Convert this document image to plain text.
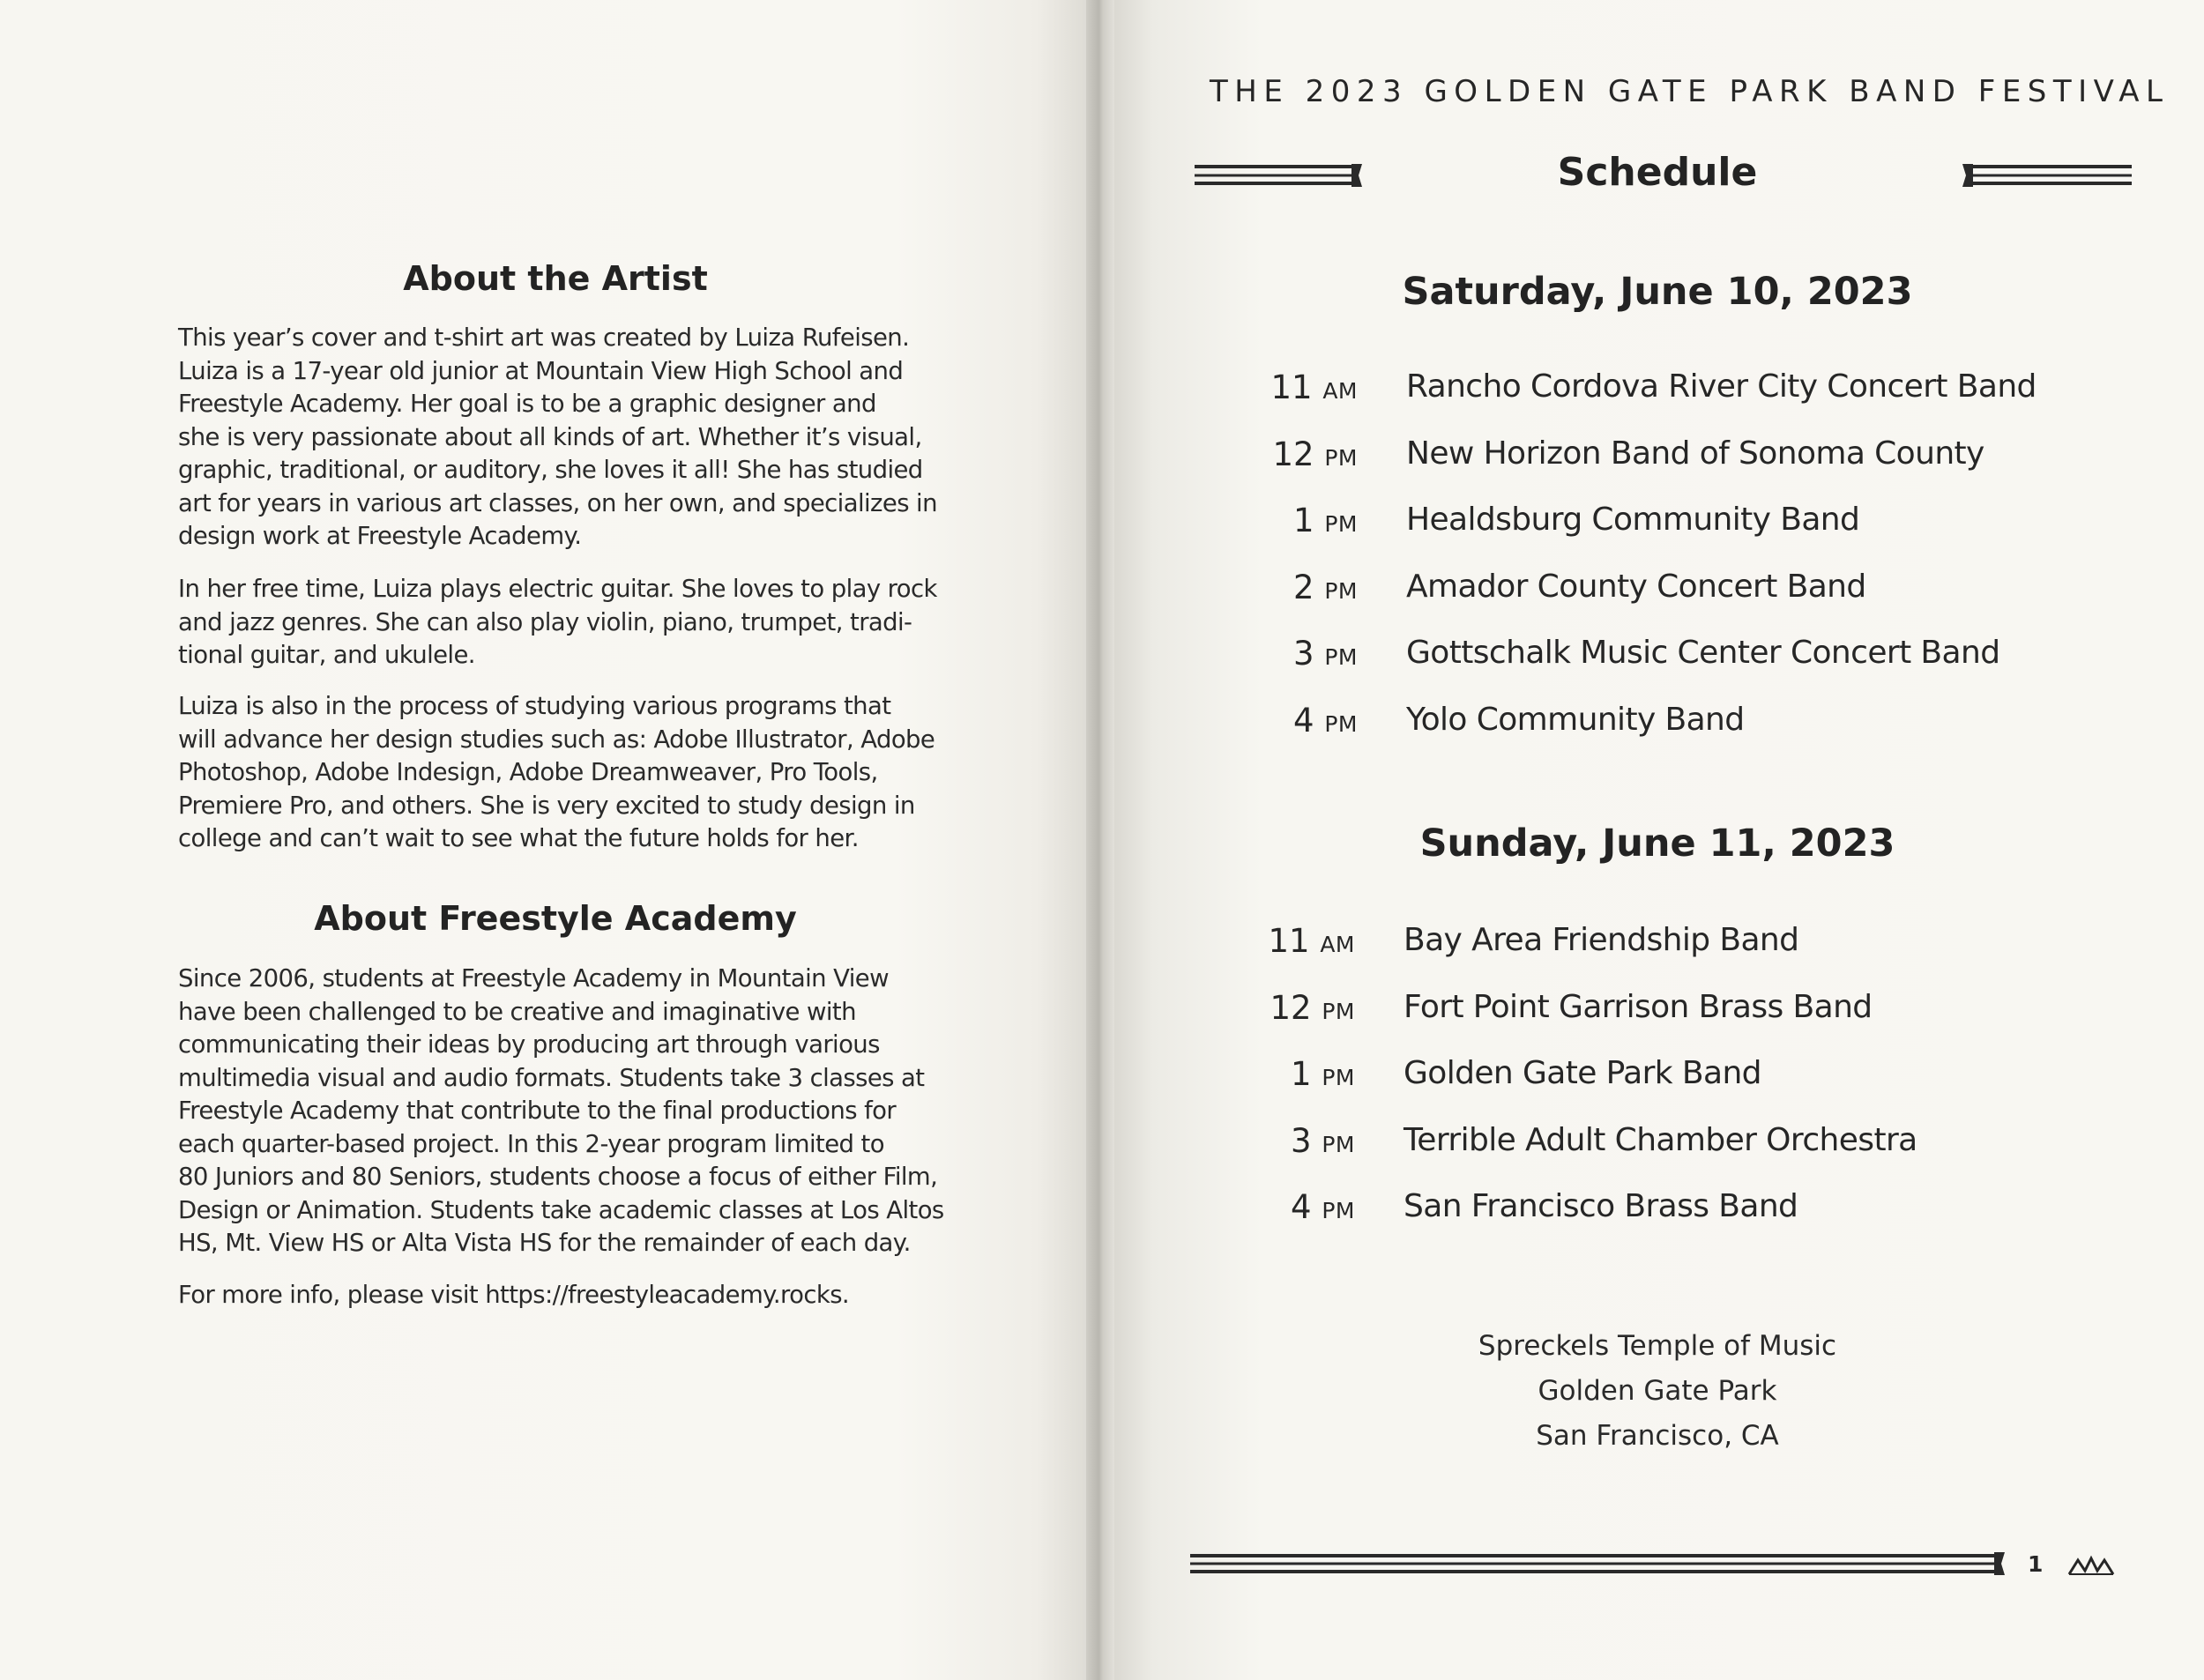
About the Artist
This year’s cover and t-shirt art was created by Luiza Rufeisen.
Luiza is a 17-year old junior at Mountain View High School and
Freestyle Academy. Her goal is to be a graphic designer and
she is very passionate about all kinds of art. Whether it’s visual,
graphic, traditional, or auditory, she loves it all! She has studied
art for years in various art classes, on her own, and specializes in
design work at Freestyle Academy.
In her free time, Luiza plays electric guitar. She loves to play rock
and jazz genres. She can also play violin, piano, trumpet, tradi-
tional guitar, and ukulele.
Luiza is also in the process of studying various programs that
will advance her design studies such as: Adobe Illustrator, Adobe
Photoshop, Adobe Indesign, Adobe Dreamweaver, Pro Tools,
Premiere Pro, and others. She is very excited to study design in
college and can’t wait to see what the future holds for her.
About Freestyle Academy
Since 2006, students at Freestyle Academy in Mountain View
have been challenged to be creative and imaginative with
communicating their ideas by producing art through various
multimedia visual and audio formats. Students take 3 classes at
Freestyle Academy that contribute to the final productions for
each quarter-based project. In this 2-year program limited to
80 Juniors and 80 Seniors, students choose a focus of either Film,
Design or Animation. Students take academic classes at Los Altos
HS, Mt. View HS or Alta Vista HS for the remainder of each day.
For more info, please visit https://freestyleacademy.rocks.
THE 2023 GOLDEN GATE PARK BAND FESTIVAL
Schedule
Saturday, June 10, 2023
11 AM Rancho Cordova River City Concert Band
12 PM New Horizon Band of Sonoma County
1 PM Healdsburg Community Band
2 PM Amador County Concert Band
3 PM Gottschalk Music Center Concert Band
4 PM Yolo Community Band
Sunday, June 11, 2023
11 AM Bay Area Friendship Band
12 PM Fort Point Garrison Brass Band
1 PM Golden Gate Park Band
3 PM Terrible Adult Chamber Orchestra
4 PM San Francisco Brass Band
Spreckels Temple of Music
Golden Gate Park
San Francisco, CA
1
